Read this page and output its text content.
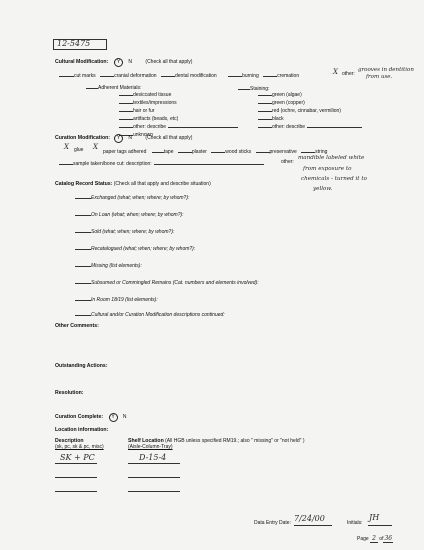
12-5475
Cultural Modification:	Y N	(Check all that apply)
cut marks	cranial deformation	dental modification	burning	cremation	X other:
grooves in dentition
from use.
Adherent Materials:	Staining:
desiccated tissue
textiles/impressions
hair or fur
artifacts (beads, etc)
other: describe
unknown
green (algae)
green (copper)
red (ochre, cinnabar, vermilion)
black
other: describe
Curation Modification:	Y N	(Check all that apply)
X glue X
paper tags adhered	tape	plaster	wood sticks	preservative	string
sample taken/bone cut: description:	other:
mandible labeled white
from exposure to
chemicals - turned it to
yellow.
Catalog Record Status: (Check all that apply and describe situation)
Exchanged (what; when; where; by whom?):
On Loan (what; when; where; by whom?):
Sold (what; when; where; by whom?):
Recatalogued (what; when; where; by whom?):
Missing (list elements):
Subsumed or Commingled Remains (Cat. numbers and elements involved):
In Room 18/19 (list elements):
Cultural and/or Curation Modification descriptions continued:
Other Comments:
Outstanding Actions:
Resolution:
Curation Complete: Y N
Location information:
Description
(sk, pc, sk & pc, misc)
Shelf Location (All HGB unless specified RM19.; also " missing" or "not held" )
(Aisle-Column-Tray)
SK + PC	D-15-4
Data Entry Date: 7/24/00	Initials:
JH
Page 2 of36
